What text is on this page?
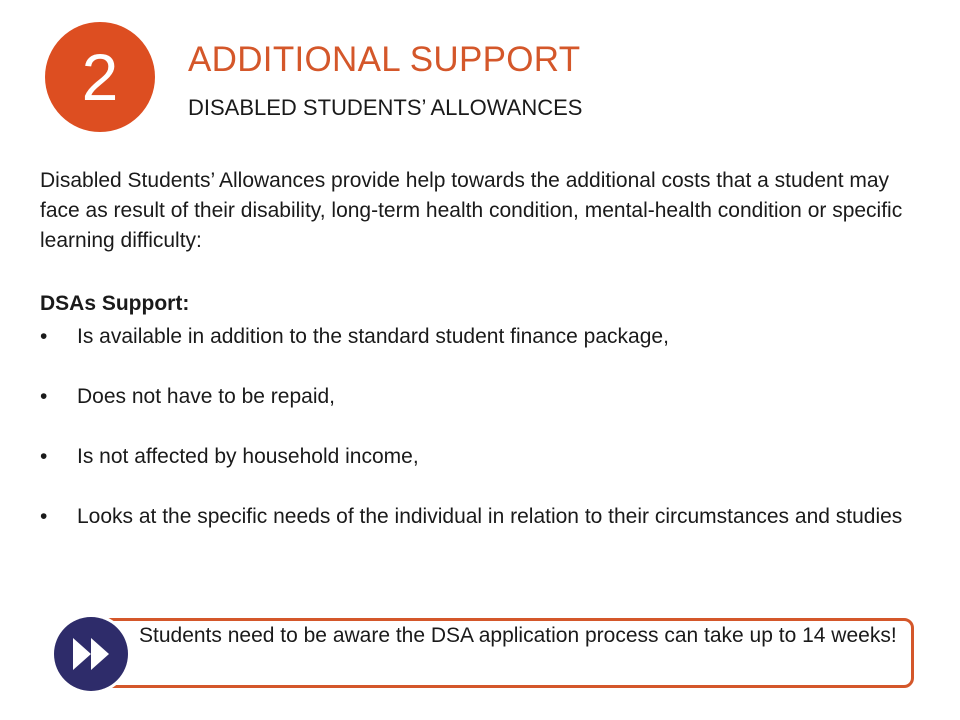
2 ADDITIONAL SUPPORT
DISABLED STUDENTS’ ALLOWANCES
Disabled Students’ Allowances provide help towards the additional costs that a student may face as result of their disability, long-term health condition, mental-health condition or specific learning difficulty:
DSAs Support:
• Is available in addition to the standard student finance package,
• Does not have to be repaid,
• Is not affected by household income,
• Looks at the specific needs of the individual in relation to their circumstances and studies
Students need to be aware the DSA application process can take up to 14 weeks!
